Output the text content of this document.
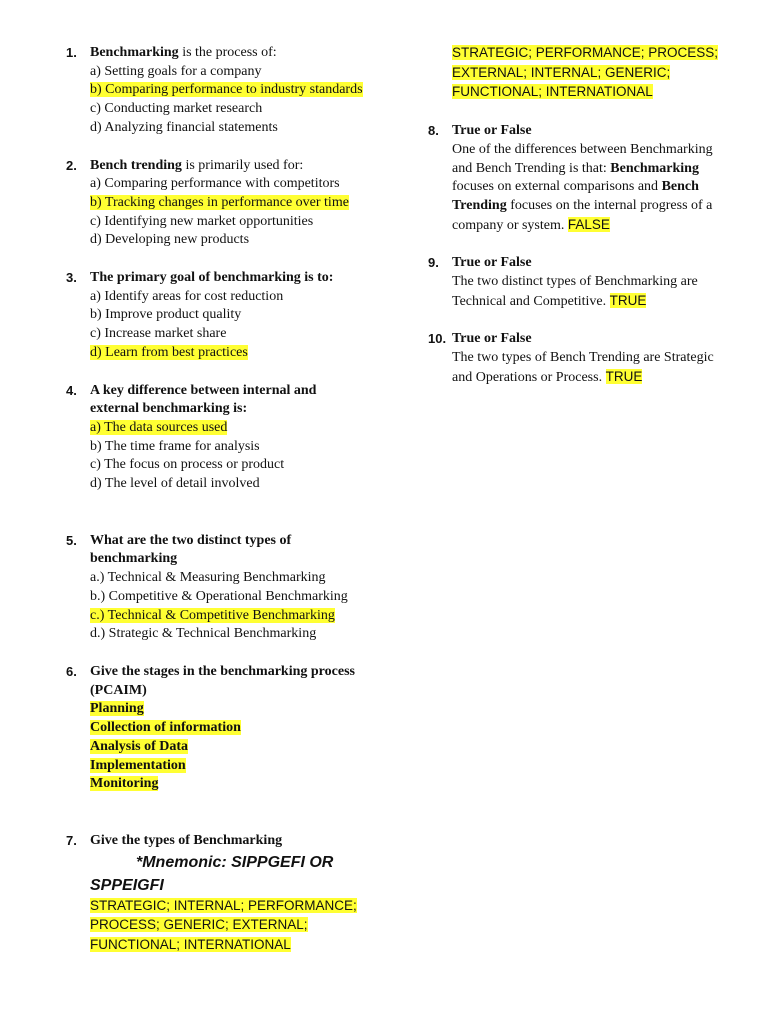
1. Benchmarking is the process of:
a) Setting goals for a company
b) Comparing performance to industry standards
c) Conducting market research
d) Analyzing financial statements
2. Bench trending is primarily used for:
a) Comparing performance with competitors
b) Tracking changes in performance over time
c) Identifying new market opportunities
d) Developing new products
3. The primary goal of benchmarking is to:
a) Identify areas for cost reduction
b) Improve product quality
c) Increase market share
d) Learn from best practices
4. A key difference between internal and
external benchmarking is:
a) The data sources used
b) The time frame for analysis
c) The focus on process or product
d) The level of detail involved
5. What are the two distinct types of
benchmarking
a.) Technical & Measuring Benchmarking
b.) Competitive & Operational Benchmarking
c.) Technical & Competitive Benchmarking
d.) Strategic & Technical Benchmarking
6. Give the stages in the benchmarking process
(PCAIM)
Planning
Collection of information
Analysis of Data
Implementation
Monitoring
7. Give the types of Benchmarking
*Mnemonic: SIPPGEFI OR
SPPEIGFI
STRATEGIC; INTERNAL; PERFORMANCE;
PROCESS; GENERIC; EXTERNAL;
FUNCTIONAL; INTERNATIONAL
STRATEGIC; PERFORMANCE; PROCESS;
EXTERNAL; INTERNAL; GENERIC;
FUNCTIONAL; INTERNATIONAL
8. True or False
One of the differences between Benchmarking
and Bench Trending is that: Benchmarking
focuses on external comparisons and Bench
Trending focuses on the internal progress of a
company or system. FALSE
9. True or False
The two distinct types of Benchmarking are
Technical and Competitive. TRUE
10. True or False
The two types of Bench Trending are Strategic
and Operations or Process. TRUE
